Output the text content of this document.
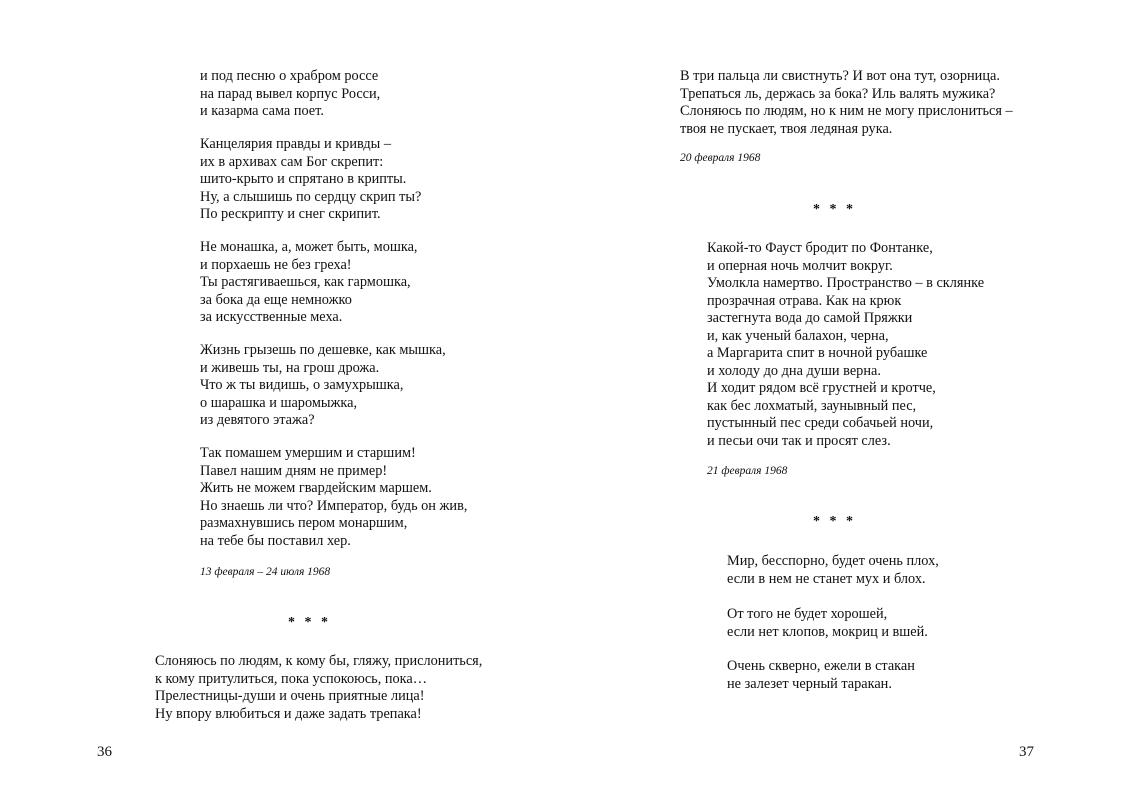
и под песню о храбром россе
на парад вывел корпус Росси,
и казарма сама поет.
Канцелярия правды и кривды –
их в архивах сам Бог скрепит:
шито-крыто и спрятано в крипты.
Ну, а слышишь по сердцу скрип ты?
По рескрипту и снег скрипит.
Не монашка, а, может быть, мошка,
и порхаешь не без греха!
Ты растягиваешься, как гармошка,
за бока да еще немножко
за искусственные меха.
Жизнь грызешь по дешевке, как мышка,
и живешь ты, на грош дрожа.
Что ж ты видишь, о замухрышка,
о шарашка и шаромыжка,
из девятого этажа?
Так помашем умершим и старшим!
Павел нашим дням не пример!
Жить не можем гвардейским маршем.
Но знаешь ли что? Император, будь он жив,
размахнувшись пером монаршим,
на тебе бы поставил хер.
13 февраля – 24 июля 1968
* * *
Слоняюсь по людям, к кому бы, гляжу, прислониться,
к кому притулиться, пока успокоюсь, пока…
Прелестницы-души и очень приятные лица!
Ну впору влюбиться и даже задать трепака!
36
В три пальца ли свистнуть? И вот она тут, озорница.
Трепаться ль, держась за бока? Иль валять мужика?
Слоняюсь по людям, но к ним не могу прислониться –
твоя не пускает, твоя ледяная рука.
20 февраля 1968
* * *
Какой-то Фауст бродит по Фонтанке,
и оперная ночь молчит вокруг.
Умолкла намертво. Пространство – в склянке
прозрачная отрава. Как на крюк
застегнута вода до самой Пряжки
и, как ученый балахон, черна,
а Маргарита спит в ночной рубашке
и холоду до дна души верна.
И ходит рядом всё грустней и кротче,
как бес лохматый, заунывный пес,
пустынный пес среди собачьей ночи,
и песьи очи так и просят слез.
21 февраля 1968
* * *
Мир, бесспорно, будет очень плох,
если в нем не станет мух и блох.
От того не будет хорошей,
если нет клопов, мокриц и вшей.
Очень скверно, ежели в стакан
не залезет черный таракан.
37
